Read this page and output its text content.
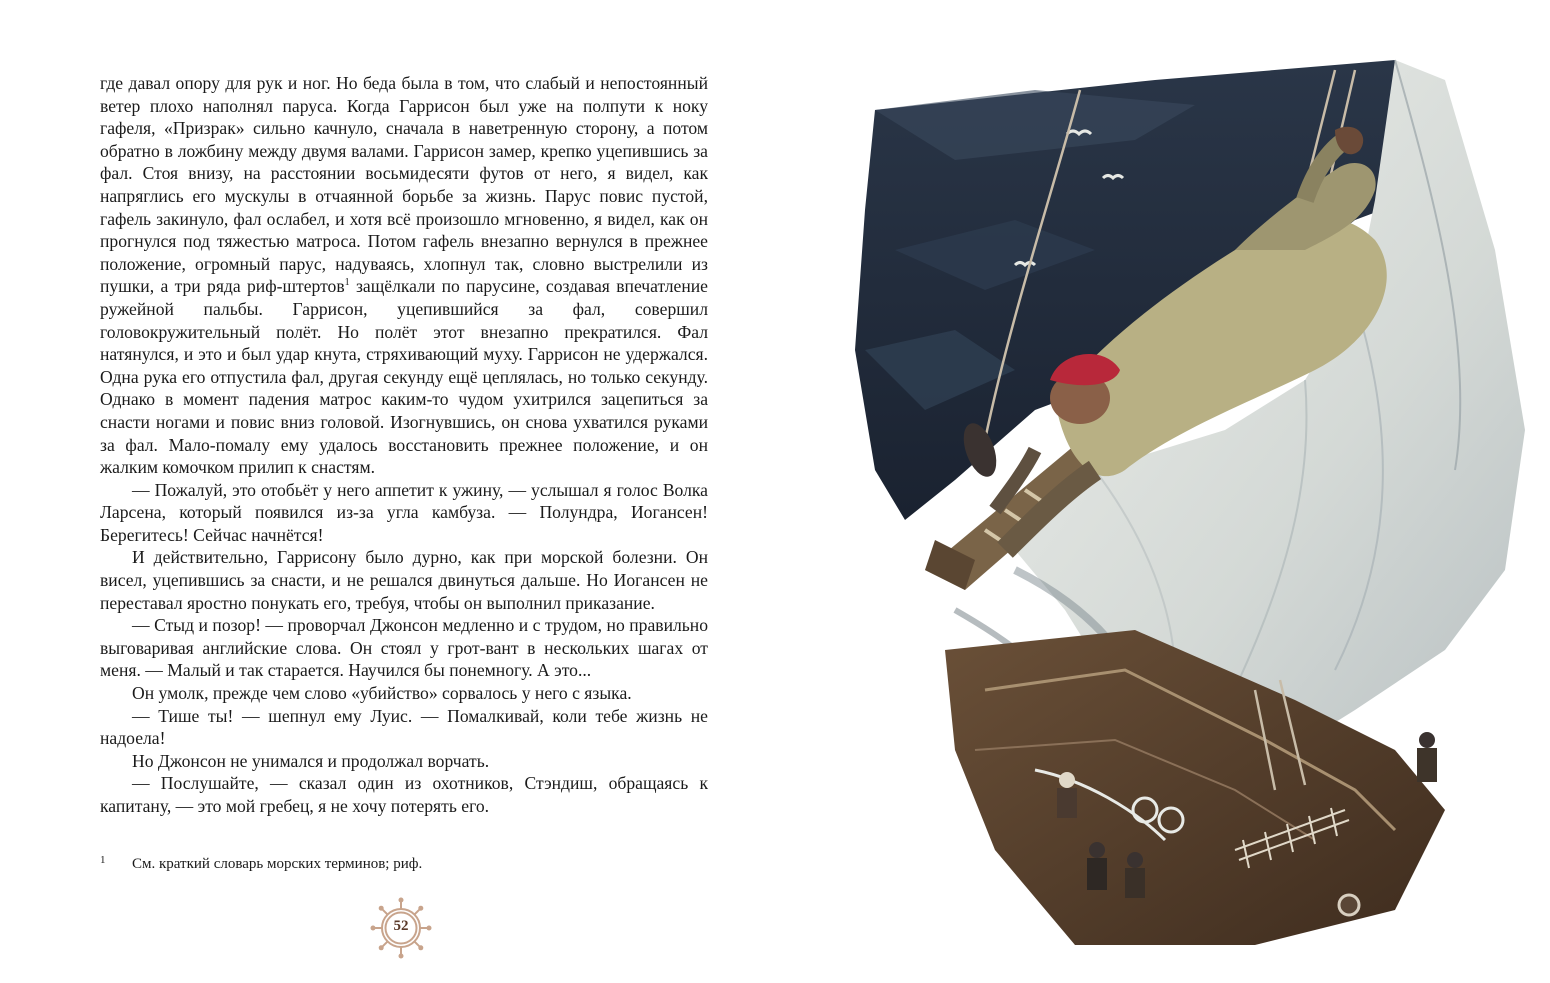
где давал опору для рук и ног. Но беда была в том, что слабый и непостоянный ветер плохо наполнял паруса. Когда Гаррисон был уже на полпути к ноку гафеля, «Призрак» сильно качнуло, сначала в наветренную сторону, а потом обратно в ложбину между двумя валами. Гаррисон замер, крепко уцепившись за фал. Стоя внизу, на расстоянии восьмидесяти футов от него, я видел, как напряглись его мускулы в отчаянной борьбе за жизнь. Парус повис пустой, гафель закинуло, фал ослабел, и хотя всё произошло мгновенно, я видел, как он прогнулся под тяжестью матроса. Потом гафель внезапно вернулся в прежнее положение, огромный парус, надуваясь, хлопнул так, словно выстрелили из пушки, а три ряда риф-штертов$^1$ защёлкали по парусине, создавая впечатление ружейной пальбы. Гаррисон, уцепившийся за фал, совершил головокружительный полёт. Но полёт этот внезапно прекратился. Фал натянулся, и это и был удар кнута, стряхивающий муху. Гаррисон не удержался. Одна рука его отпустила фал, другая секунду ещё цеплялась, но только секунду. Однако в момент падения матрос каким-то чудом ухитрился зацепиться за снасти ногами и повис вниз головой. Изогнувшись, он снова ухватился руками за фал. Мало-помалу ему удалось восстановить прежнее положение, и он жалким комочком прилип к снастям.

— Пожалуй, это отобьёт у него аппетит к ужину, — услышал я голос Волка Ларсена, который появился из-за угла камбуза. — Полундра, Иогансен! Берегитесь! Сейчас начнётся!

И действительно, Гаррисону было дурно, как при морской болезни. Он висел, уцепившись за снасти, и не решался двинуться дальше. Но Иогансен не переставал яростно понукать его, требуя, чтобы он выполнил приказание.

— Стыд и позор! — проворчал Джонсон медленно и с трудом, но правильно выговаривая английские слова. Он стоял у грот-вант в нескольких шагах от меня. — Малый и так старается. Научился бы понемногу. А это...

Он умолк, прежде чем слово «убийство» сорвалось у него с языка.

— Тише ты! — шепнул ему Луис. — Помалкивай, коли тебе жизнь не надоела!

Но Джонсон не унимался и продолжал ворчать.

— Послушайте, — сказал один из охотников, Стэндиш, обращаясь к капитану, — это мой гребец, я не хочу потерять его.

1	См. краткий словарь морских терминов; риф.
52
